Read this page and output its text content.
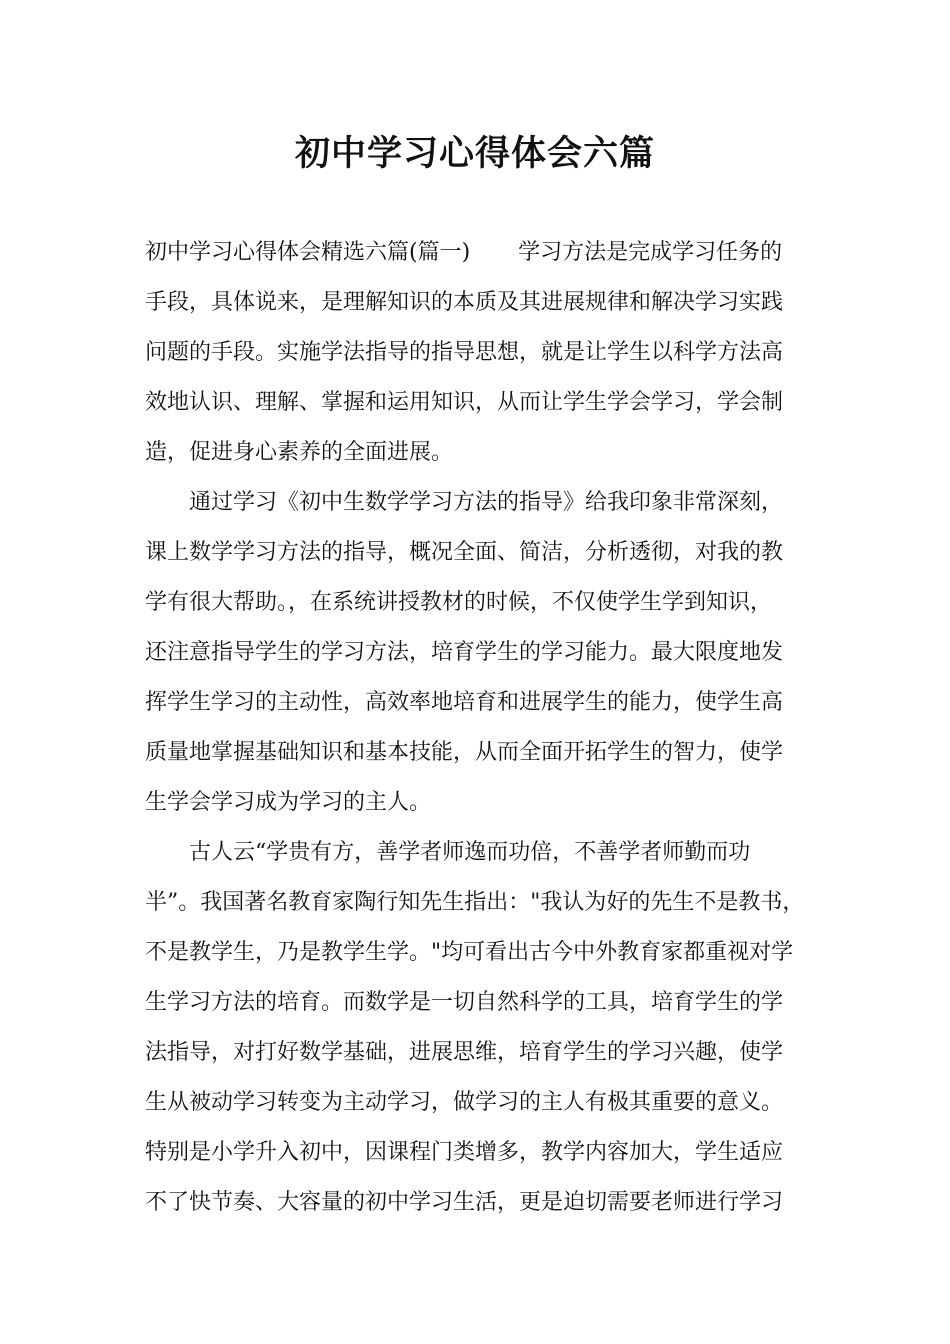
初中学习心得体会六篇
初中学习心得体会精选六篇(篇一) 学习方法是完成学习任务的
手段，具体说来，是理解知识的本质及其进展规律和解决学习实践
问题的手段。实施学法指导的指导思想，就是让学生以科学方法高
效地认识、理解、掌握和运用知识，从而让学生学会学习，学会制
造，促进身心素养的全面进展。
通过学习《初中生数学学习方法的指导》给我印象非常深刻，
课上数学学习方法的指导，概况全面、简洁，分析透彻，对我的教
学有很大帮助。，在系统讲授教材的时候，不仅使学生学到知识，
还注意指导学生的学习方法，培育学生的学习能力。最大限度地发
挥学生学习的主动性，高效率地培育和进展学生的能力，使学生高
质量地掌握基础知识和基本技能，从而全面开拓学生的智力，使学
生学会学习成为学习的主人。
古人云“学贵有方，善学者师逸而功倍，不善学者师勤而功
半”。我国著名教育家陶行知先生指出："我认为好的先生不是教书，
不是教学生，乃是教学生学。"均可看出古今中外教育家都重视对学
生学习方法的培育。而数学是一切自然科学的工具，培育学生的学
法指导，对打好数学基础，进展思维，培育学生的学习兴趣，使学
生从被动学习转变为主动学习，做学习的主人有极其重要的意义。
特别是小学升入初中，因课程门类增多，教学内容加大，学生适应
不了快节奏、大容量的初中学习生活，更是迫切需要老师进行学习
